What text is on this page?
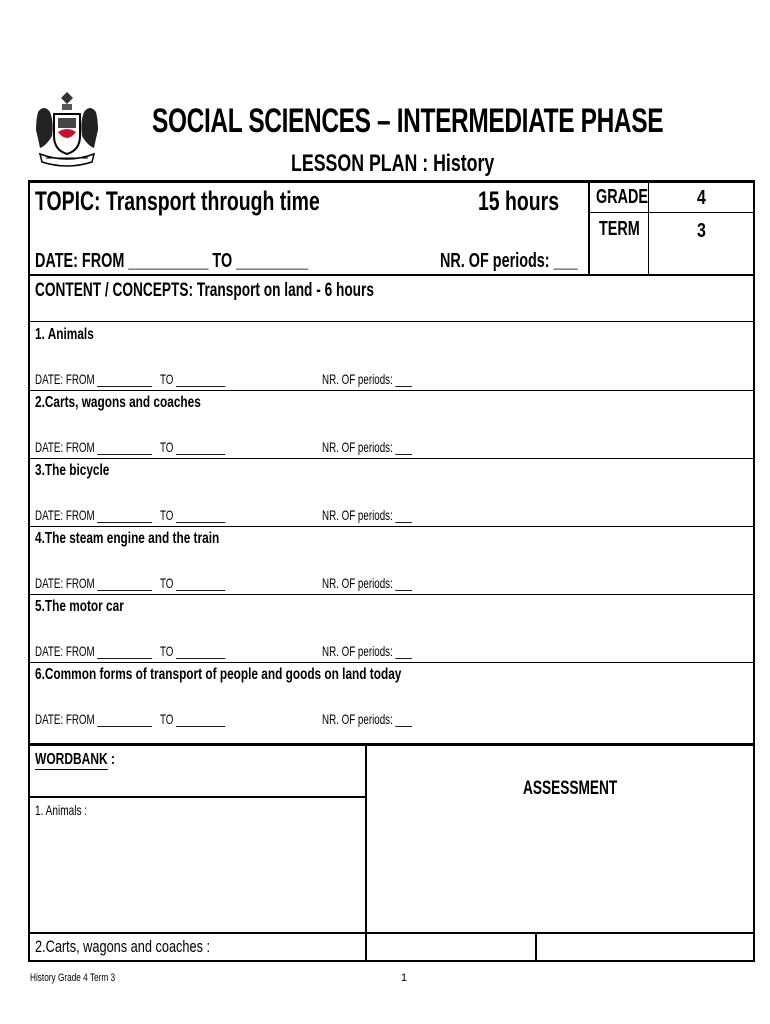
SOCIAL SCIENCES – INTERMEDIATE PHASE
LESSON PLAN : History
TOPIC: Transport through time	15 hours
DATE: FROM __________ TO _________	NR. OF periods: ___
GRADE	4
TERM	3
CONTENT / CONCEPTS: Transport on land - 6 hours
1. Animals
DATE: FROM __________ TO _________	NR. OF periods: ___
2.Carts, wagons and coaches
DATE: FROM __________ TO _________	NR. OF periods: ___
3.The bicycle
DATE: FROM __________ TO _________	NR. OF periods: ___
4.The steam engine and the train
DATE: FROM __________ TO _________	NR. OF periods: ___
5.The motor car
DATE: FROM __________ TO _________	NR. OF periods: ___
6.Common forms of transport of people and goods on land today
DATE: FROM __________ TO _________	NR. OF periods: ___
WORDBANK :
1. Animals :
2.Carts, wagons and coaches :
ASSESSMENT
History Grade 4 Term 3	1
